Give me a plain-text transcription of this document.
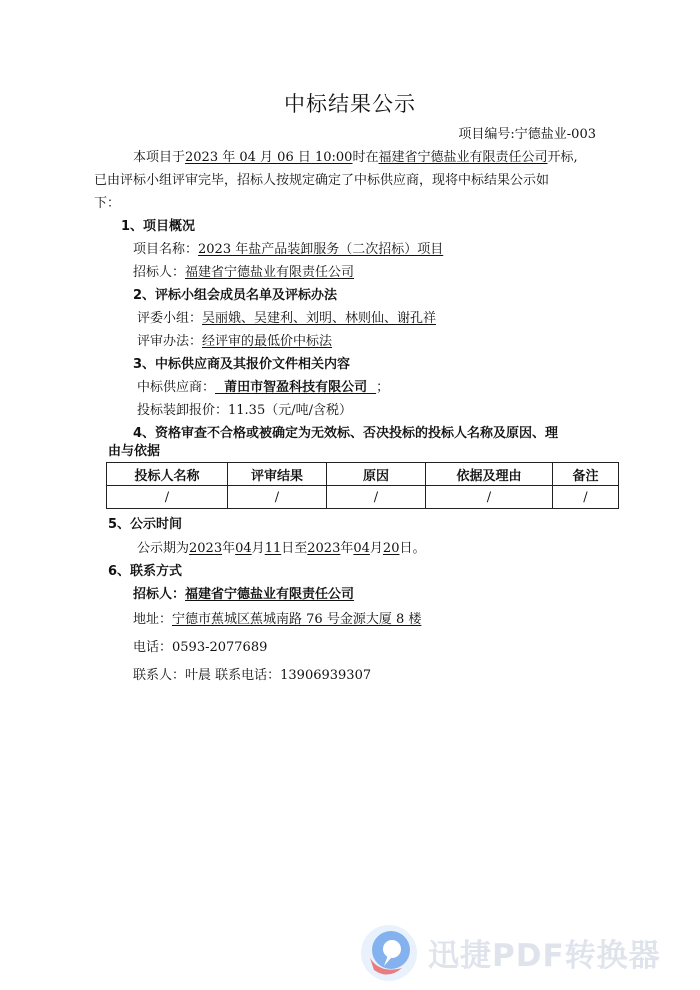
中标结果公示
项目编号:宁德盐业-003
本项目于2023 年 04 月 06 日 10:00时在福建省宁德盐业有限责任公司开标,
已由评标小组评审完毕，招标人按规定确定了中标供应商，现将中标结果公示如
下：
1、项目概况
项目名称：2023 年盐产品装卸服务（二次招标）项目
招标人：福建省宁德盐业有限责任公司
2、评标小组会成员名单及评标办法
评委小组：吴丽娥、吴建利、刘明、林则仙、谢孔祥
评审办法：经评审的最低价中标法
3、中标供应商及其报价文件相关内容
中标供应商：  莆田市智盈科技有限公司  ；
投标装卸报价：11.35（元/吨/含税）
4、资格审查不合格或被确定为无效标、否决投标的投标人名称及原因、理
由与依据
投标人名称	评审结果	原因	依据及理由	备注
/	/	/	/	/
5、公示时间
公示期为2023年04月11日至2023年04月20日。
6、联系方式
招标人：福建省宁德盐业有限责任公司
地址：宁德市蕉城区蕉城南路 76 号金源大厦 8 楼
电话：0593-2077689
联系人：叶晨 联系电话：13906939307
迅捷PDF转换器
